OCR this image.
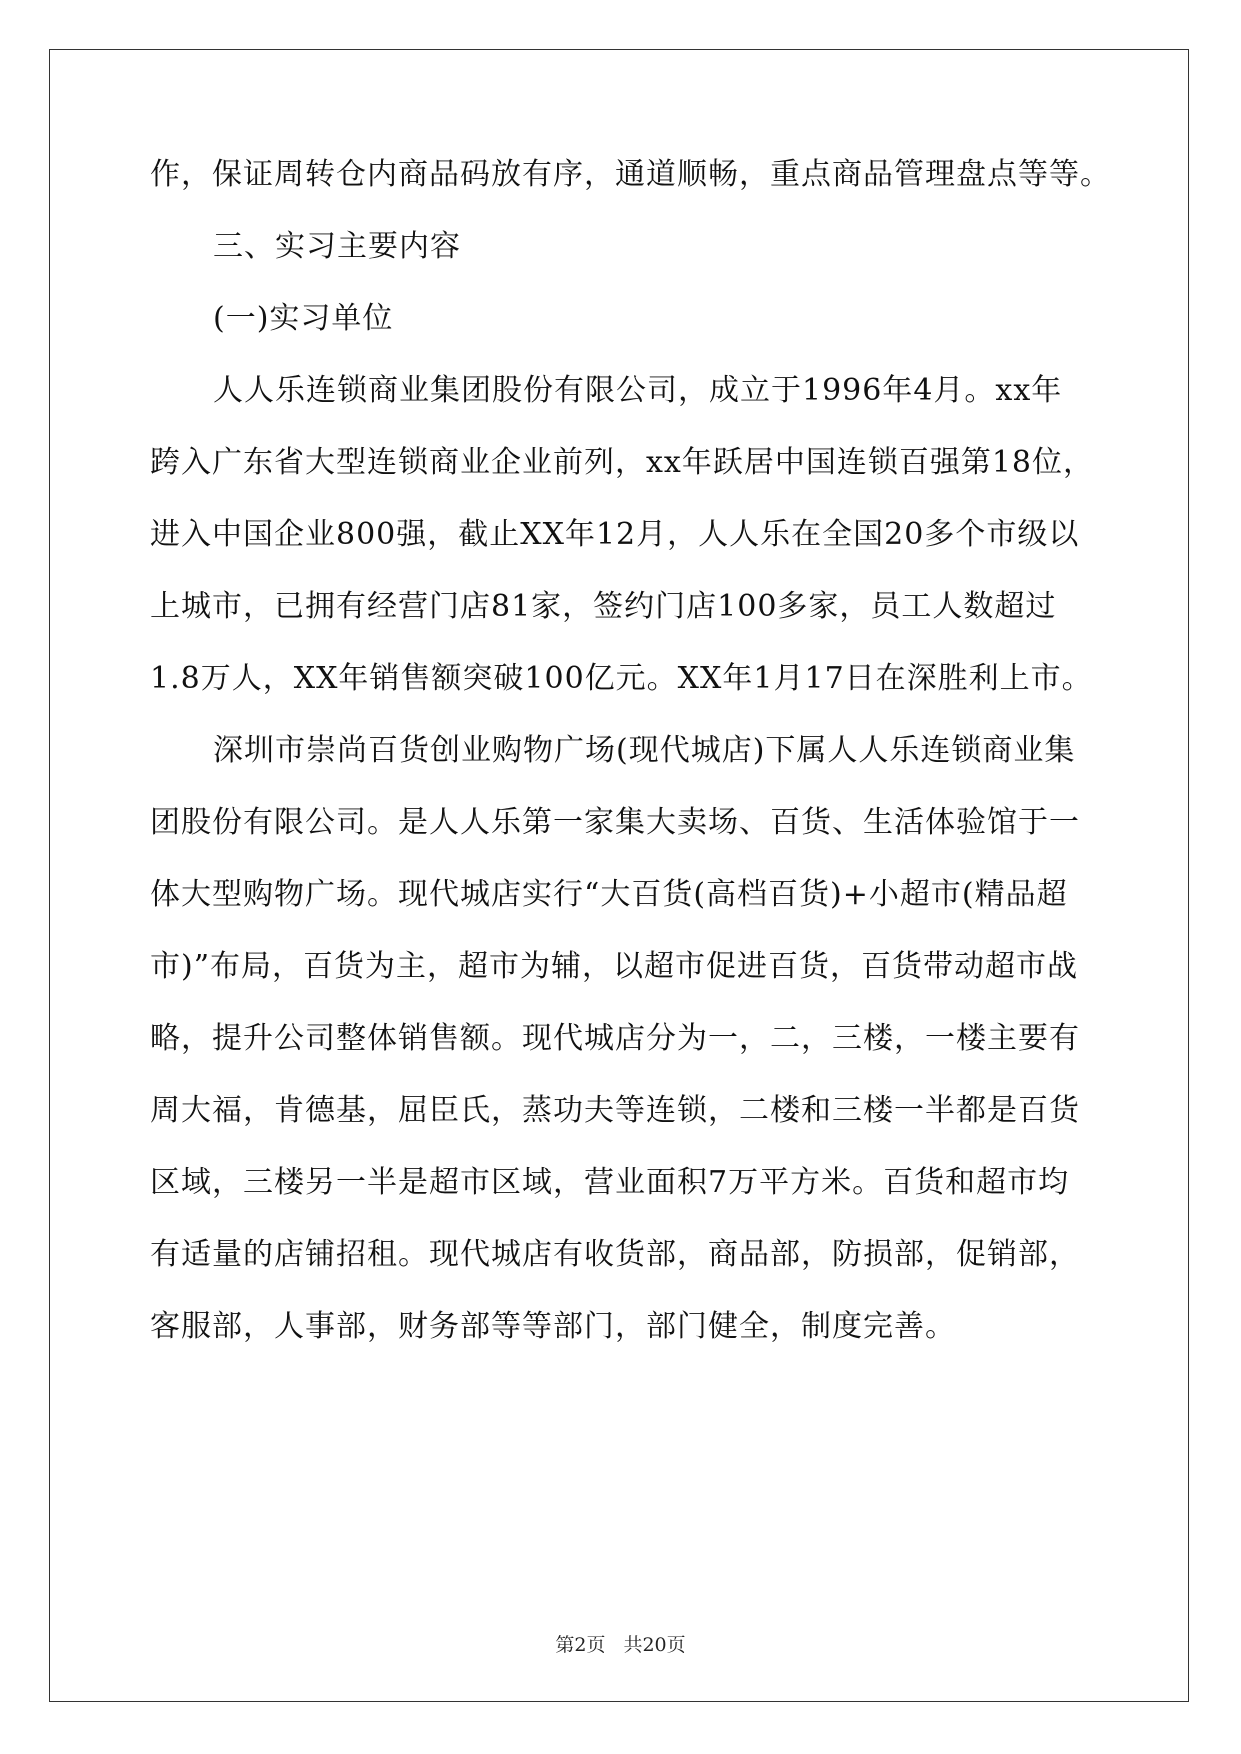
作，保证周转仓内商品码放有序，通道顺畅，重点商品管理盘点等等。
三、实习主要内容
(一)实习单位
人人乐连锁商业集团股份有限公司，成立于1996年4月。xx年
跨入广东省大型连锁商业企业前列，xx年跃居中国连锁百强第18位，
进入中国企业800强，截止XX年12月，人人乐在全国20多个市级以
上城市，已拥有经营门店81家，签约门店100多家，员工人数超过
1.8万人，XX年销售额突破100亿元。XX年1月17日在深胜利上市。
深圳市崇尚百货创业购物广场(现代城店)下属人人乐连锁商业集
团股份有限公司。是人人乐第一家集大卖场、百货、生活体验馆于一
体大型购物广场。现代城店实行“大百货(高档百货)+小超市(精品超
市)”布局，百货为主，超市为辅，以超市促进百货，百货带动超市战
略，提升公司整体销售额。现代城店分为一，二，三楼，一楼主要有
周大福，肯德基，屈臣氏，蒸功夫等连锁，二楼和三楼一半都是百货
区域，三楼另一半是超市区域，营业面积7万平方米。百货和超市均
有适量的店铺招租。现代城店有收货部，商品部，防损部，促销部，
客服部，人事部，财务部等等部门，部门健全，制度完善。
第2页 共20页
